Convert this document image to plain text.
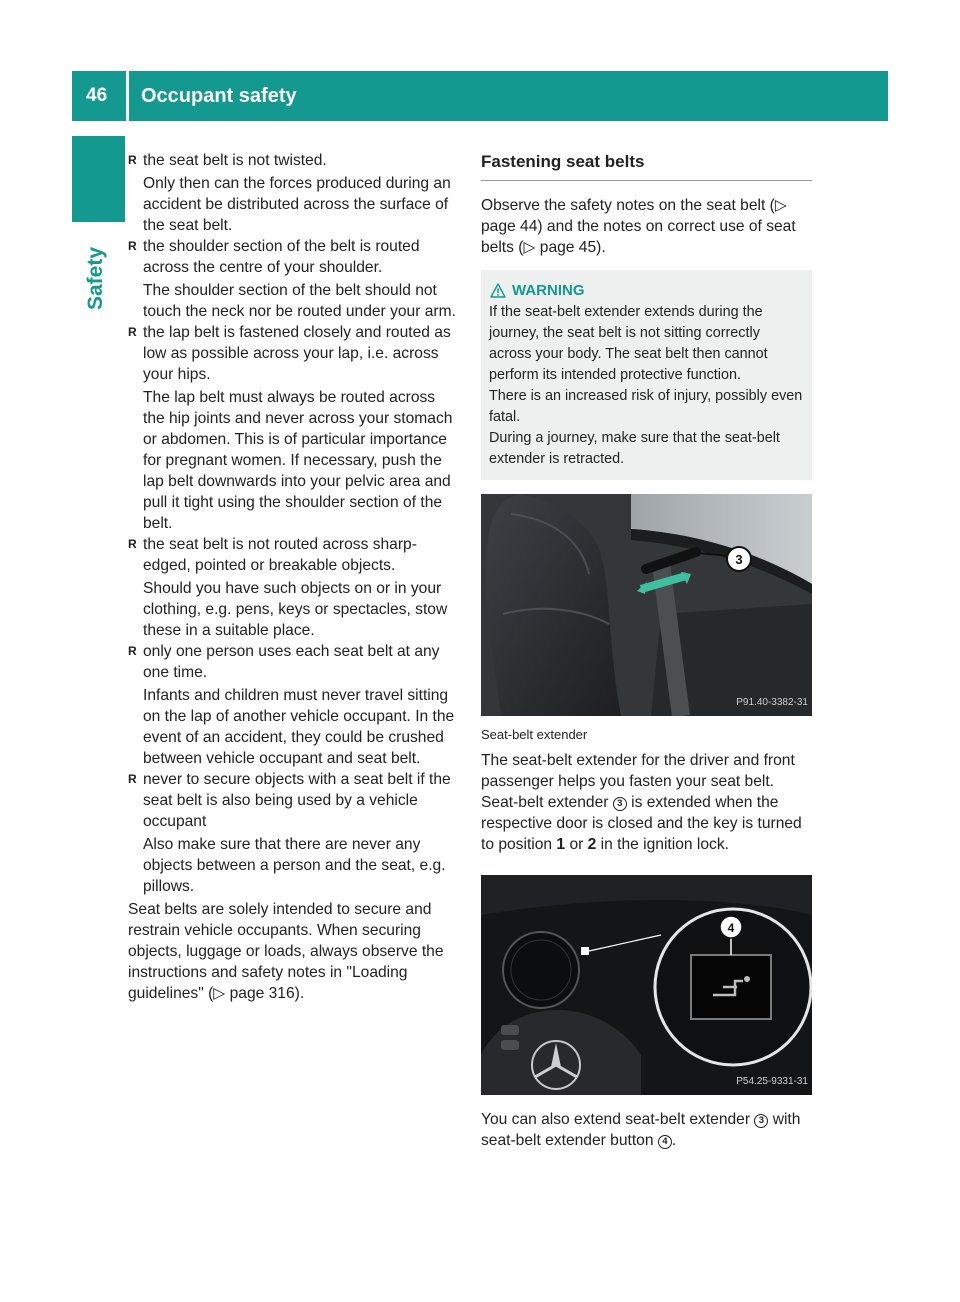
46	Occupant safety
Safety
R the seat belt is not twisted.
Only then can the forces produced during an accident be distributed across the surface of the seat belt.
R the shoulder section of the belt is routed across the centre of your shoulder.
The shoulder section of the belt should not touch the neck nor be routed under your arm.
R the lap belt is fastened closely and routed as low as possible across your lap, i.e. across your hips.
The lap belt must always be routed across the hip joints and never across your stomach or abdomen. This is of particular importance for pregnant women. If necessary, push the lap belt downwards into your pelvic area and pull it tight using the shoulder section of the belt.
R the seat belt is not routed across sharp-edged, pointed or breakable objects.
Should you have such objects on or in your clothing, e.g. pens, keys or spectacles, stow these in a suitable place.
R only one person uses each seat belt at any one time.
Infants and children must never travel sitting on the lap of another vehicle occupant. In the event of an accident, they could be crushed between vehicle occupant and seat belt.
R never to secure objects with a seat belt if the seat belt is also being used by a vehicle occupant
Also make sure that there are never any objects between a person and the seat, e.g. pillows.
Seat belts are solely intended to secure and restrain vehicle occupants. When securing objects, luggage or loads, always observe the instructions and safety notes in "Loading guidelines" (▷ page 316).
Fastening seat belts
Observe the safety notes on the seat belt (▷ page 44) and the notes on correct use of seat belts (▷ page 45).
WARNING
If the seat-belt extender extends during the journey, the seat belt is not sitting correctly across your body. The seat belt then cannot perform its intended protective function.
There is an increased risk of injury, possibly even fatal.
During a journey, make sure that the seat-belt extender is retracted.
3
P91.40-3382-31
Seat-belt extender
The seat-belt extender for the driver and front passenger helps you fasten your seat belt. Seat-belt extender 3 is extended when the respective door is closed and the key is turned to position 1 or 2 in the ignition lock.
4
P54.25-9331-31
You can also extend seat-belt extender 3 with seat-belt extender button 4 .
